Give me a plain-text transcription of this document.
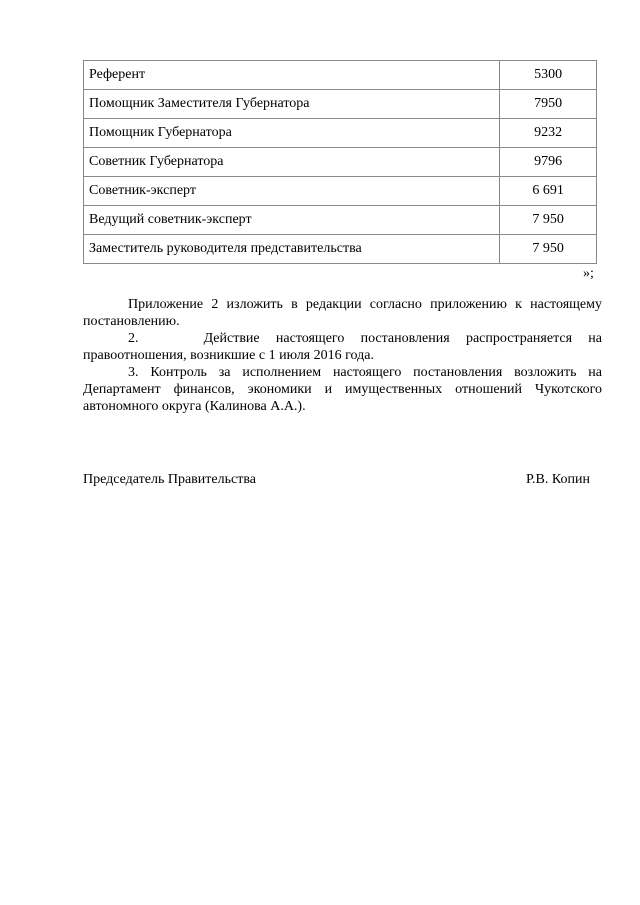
Референт	5300
Помощник Заместителя Губернатора	7950
Помощник Губернатора	9232
Советник Губернатора	9796
Советник-эксперт	6 691
Ведущий советник-эксперт	7 950
Заместитель руководителя представительства	7 950
»;

Приложение 2 изложить в редакции согласно приложению к настоящему постановлению.

2.    Действие настоящего постановления распространяется на правоотношения, возникшие с 1 июля 2016 года.

3. Контроль за исполнением настоящего постановления возложить на Департамент финансов, экономики и имущественных отношений Чукотского автономного округа (Калинова А.А.).

Председатель Правительства	Р.В. Копин
